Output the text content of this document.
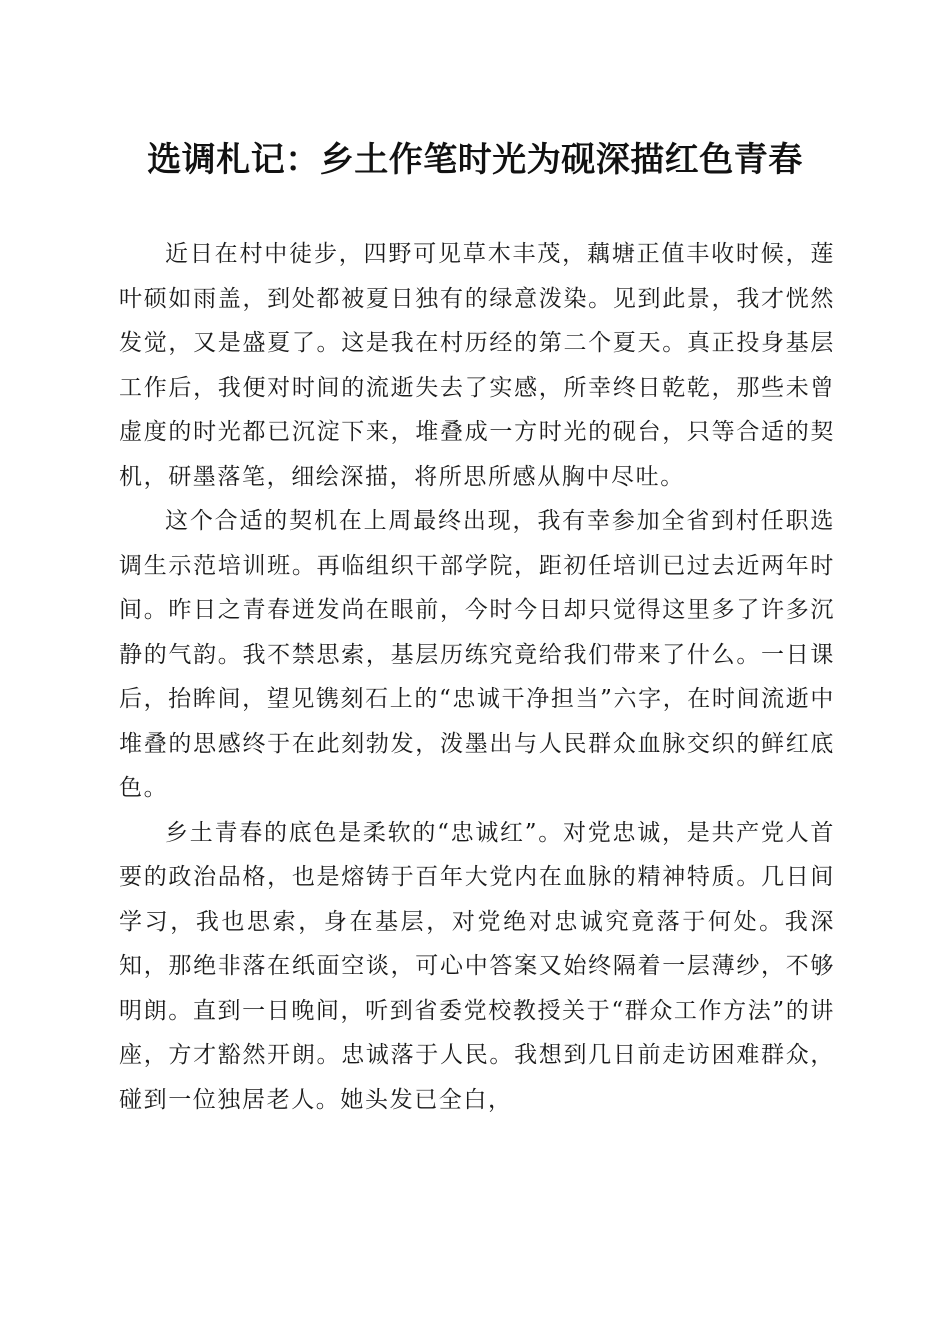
选调札记：乡土作笔时光为砚深描红色青春

近日在村中徒步，四野可见草木丰茂，藕塘正值丰收时候，莲叶硕如雨盖，到处都被夏日独有的绿意泼染。见到此景，我才恍然发觉，又是盛夏了。这是我在村历经的第二个夏天。真正投身基层工作后，我便对时间的流逝失去了实感，所幸终日乾乾，那些未曾虚度的时光都已沉淀下来，堆叠成一方时光的砚台，只等合适的契机，研墨落笔，细绘深描，将所思所感从胸中尽吐。

这个合适的契机在上周最终出现，我有幸参加全省到村任职选调生示范培训班。再临组织干部学院，距初任培训已过去近两年时间。昨日之青春迸发尚在眼前，今时今日却只觉得这里多了许多沉静的气韵。我不禁思索，基层历练究竟给我们带来了什么。一日课后，抬眸间，望见镌刻石上的“忠诚干净担当”六字，在时间流逝中堆叠的思感终于在此刻勃发，泼墨出与人民群众血脉交织的鲜红底色。

乡土青春的底色是柔软的“忠诚红”。对党忠诚，是共产党人首要的政治品格，也是熔铸于百年大党内在血脉的精神特质。几日间学习，我也思索，身在基层，对党绝对忠诚究竟落于何处。我深知，那绝非落在纸面空谈，可心中答案又始终隔着一层薄纱，不够明朗。直到一日晚间，听到省委党校教授关于“群众工作方法”的讲座，方才豁然开朗。忠诚落于人民。我想到几日前走访困难群众，碰到一位独居老人。她头发已全白，
